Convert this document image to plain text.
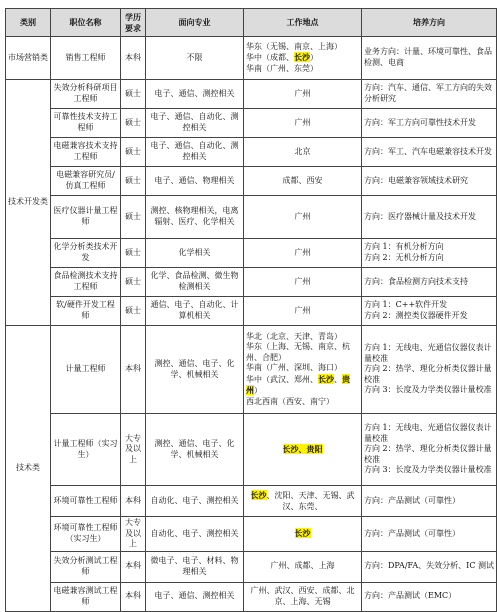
类别	职位名称	学历要求	面向专业	工作地点	培养方向
市场营销类	销售工程师	本科	不限	华东（无锡、南京、上海）
华中（成都、长沙）
华南（广州、东莞）	业务方向：计量、环境可靠性、食品检测、电商

技术开发类	失效分析科研项目工程师	硕士	电子、通信、测控相关	广州	方向：汽车、通信、军工方向的失效分析研究

	可靠性技术支持工程师	硕士	电子、通信、自动化、测控相关	广州	方向：军工方向可靠性技术开发

	电磁兼容技术支持工程师	硕士	电子、通信、自动化、测控相关	北京	方向：军工、汽车电磁兼容技术开发

	电磁兼容研究员/仿真工程师	硕士	电子、通信、物理相关	成都、西安	方向：电磁兼容领域技术研究

	医疗仪器计量工程师	硕士	测控、核物理相关，电离辐射、医疗、化学相关	广州	方向：医疗器械计量及技术开发

	化学分析类技术开发	硕士	化学相关	广州	方向 1：有机分析方向
方向 2：无机分析方向

	食品检测技术支持工程师	硕士	化学、食品检测、微生物检测相关	广州	方向：食品检测方向技术支持

	软/硬件开发工程师	硕士	通信、电子、自动化、计算机相关	广州	方向 1：C++软件开发
方向 2：测控类仪器硬件开发

技术类	计量工程师	本科	测控、通信、电子、化学、机械相关	华北（北京、天津、青岛）
华东（上海、无锡、南京、杭州、合肥）
华南（广州、深圳、海口）
华中（武汉、郑州、长沙、贵州）
西北西南（西安、南宁）	方向 1：无线电、光通信仪器仪表计量校准
方向 2：热学、理化分析类仪器计量校准
方向 3：长度及力学类仪器计量校准

	计量工程师（实习生）	大专及以上	测控、通信、电子、化学、机械相关	长沙、贵阳	方向 1：无线电、光通信仪器仪表计量校准
方向 2：热学、理化分析类仪器计量校准
方向 3：长度及力学类仪器计量校准

	环境可靠性工程师	本科	自动化、电子、测控相关	长沙、沈阳、天津、无锡、武汉、东莞、	方向：产品测试（可靠性）

	环境可靠性工程师（实习生）	大专及以上	自动化、电子、测控相关	长沙	方向：产品测试（可靠性）

	失效分析测试工程师	本科	微电子、电子、材料、物理相关	广州、成都、上海	方向：DPA/FA、失效分析、IC 测试

	电磁兼容测试工程师	本科	电子、通信、测控相关	广州、武汉、西安、成都、北京、上海、无锡	方向：产品测试（EMC）
